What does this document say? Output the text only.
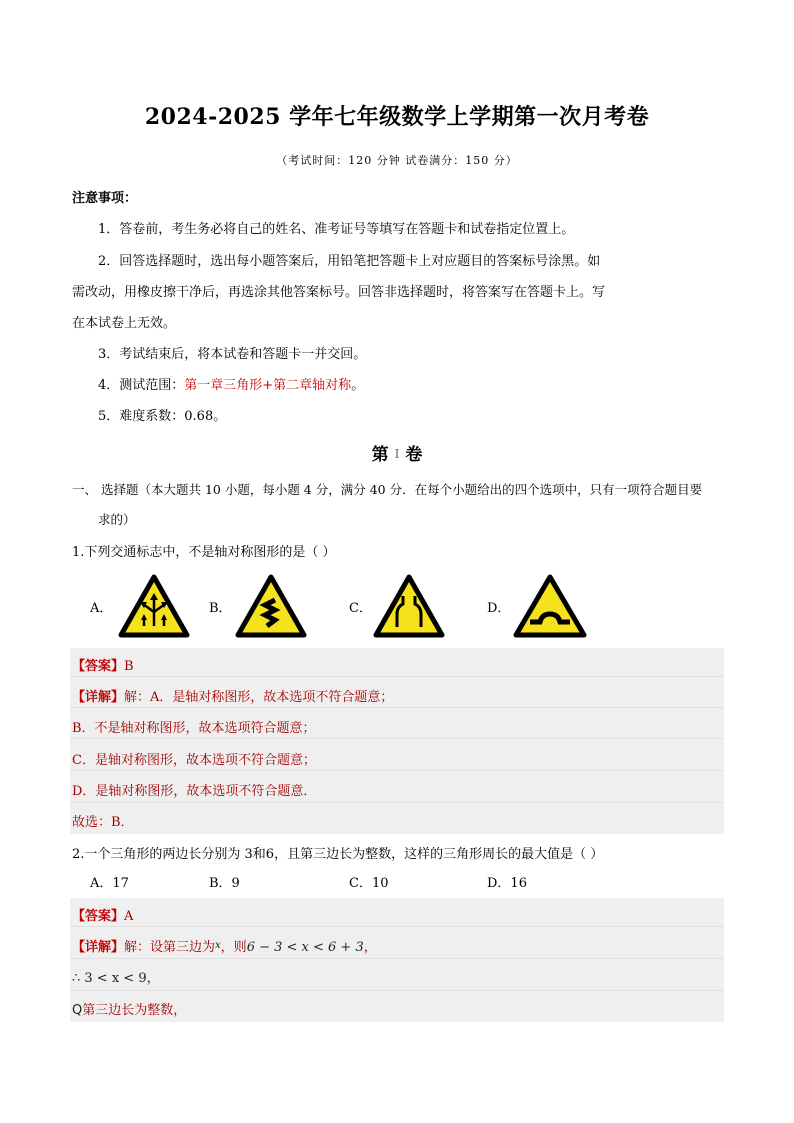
2024-2025 学年七年级数学上学期第一次月考卷
（考试时间：120 分钟 试卷满分：150 分）
注意事项：
1．答卷前，考生务必将自己的姓名、准考证号等填写在答题卡和试卷指定位置上。
2．回答选择题时，选出每小题答案后，用铅笔把答题卡上对应题目的答案标号涂黑。如
需改动，用橡皮擦干净后，再选涂其他答案标号。回答非选择题时，将答案写在答题卡上。写
在本试卷上无效。
3．考试结束后，将本试卷和答题卡一并交回。
4．测试范围：第一章三角形+第二章轴对称。
5．难度系数：0.68。
第 I 卷
一、 选择题（本大题共 10 小题，每小题 4 分，满分 40 分．在每个小题给出的四个选项中，只有一项符合题目要
求的）
1.下列交通标志中，不是轴对称图形的是（ ）
A．	B．	C．	D．
【答案】B
【详解】解：A．是轴对称图形，故本选项不符合题意；
B．不是轴对称图形，故本选项符合题意；
C．是轴对称图形，故本选项不符合题意；
D．是轴对称图形，故本选项不符合题意．
故选：B．
2.一个三角形的两边长分别为 3和6，且第三边长为整数，这样的三角形周长的最大值是（ ）
A．17	B．9	C．10	D．16
【答案】A
【详解】解：设第三边为$^x$，则6 − 3 < x < 6 + 3，
∴ 3 < x < 9，
Q第三边长为整数，
